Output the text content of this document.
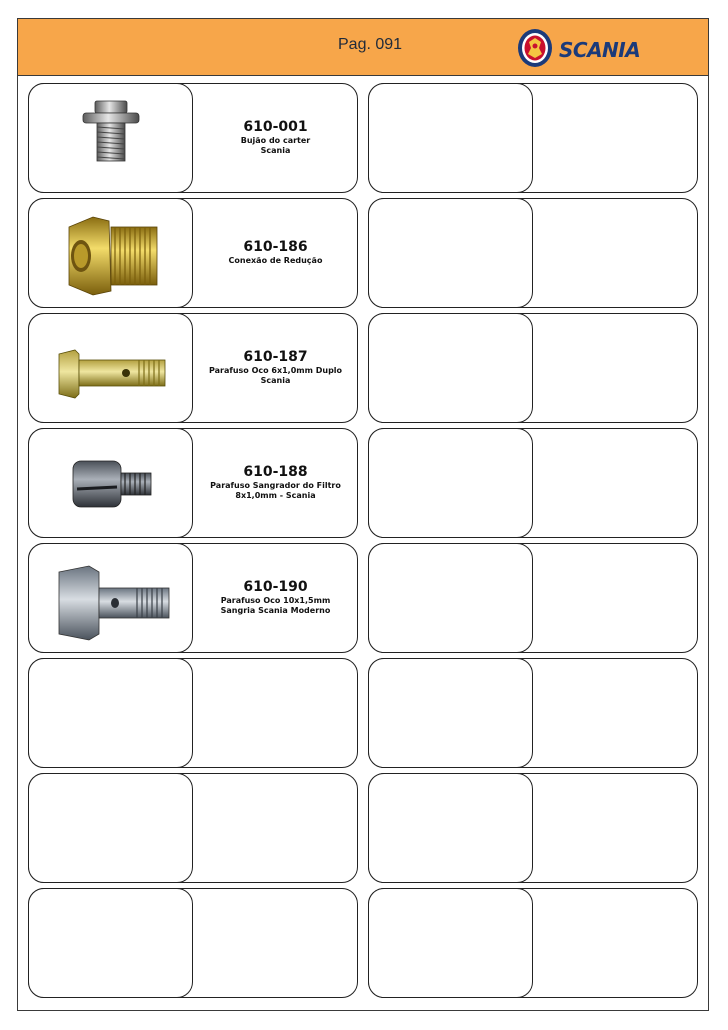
Pag. 091	SCANIA
610-001
Bujão do carter
Scania
610-186
Conexão de Redução
610-187
Parafuso Oco 6x1,0mm Duplo
Scania
610-188
Parafuso Sangrador do Filtro
8x1,0mm - Scania
610-190
Parafuso Oco 10x1,5mm
Sangria Scania Moderno
